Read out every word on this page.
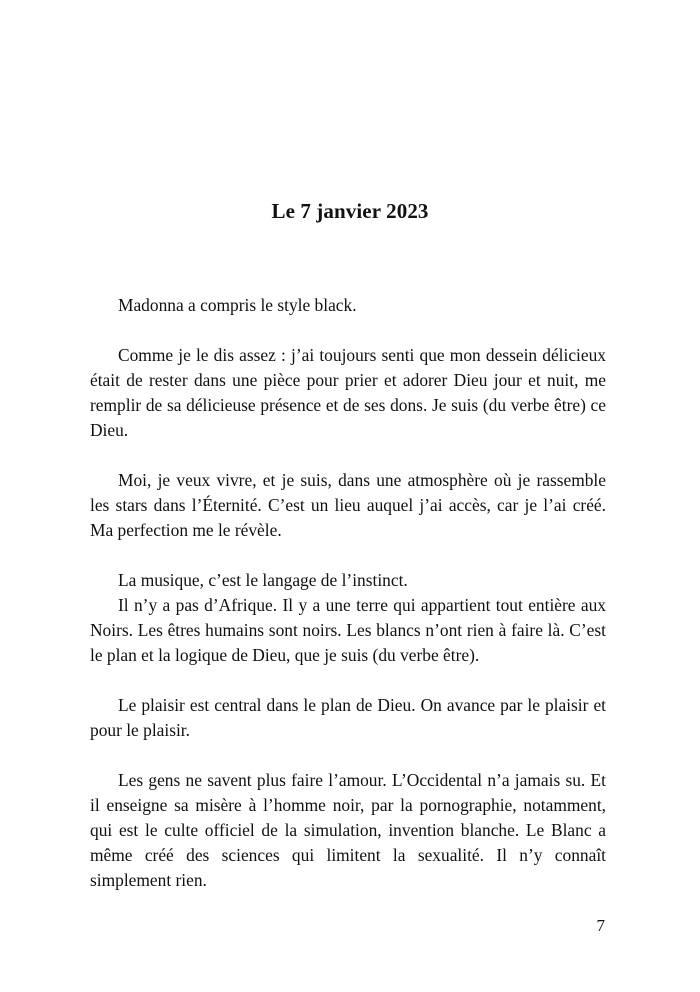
Le 7 janvier 2023

Madonna a compris le style black.

Comme je le dis assez : j’ai toujours senti que mon dessein délicieux était de rester dans une pièce pour prier et adorer Dieu jour et nuit, me remplir de sa délicieuse présence et de ses dons. Je suis (du verbe être) ce Dieu.

Moi, je veux vivre, et je suis, dans une atmosphère où je rassemble les stars dans l’Éternité. C’est un lieu auquel j’ai accès, car je l’ai créé. Ma perfection me le révèle.

La musique, c’est le langage de l’instinct.

Il n’y a pas d’Afrique. Il y a une terre qui appartient tout entière aux Noirs. Les êtres humains sont noirs. Les blancs n’ont rien à faire là. C’est le plan et la logique de Dieu, que je suis (du verbe être).

Le plaisir est central dans le plan de Dieu. On avance par le plaisir et pour le plaisir.

Les gens ne savent plus faire l’amour. L’Occidental n’a jamais su. Et il enseigne sa misère à l’homme noir, par la pornographie, notamment, qui est le culte officiel de la simulation, invention blanche. Le Blanc a même créé des sciences qui limitent la sexualité. Il n’y connaît simplement rien.

7
